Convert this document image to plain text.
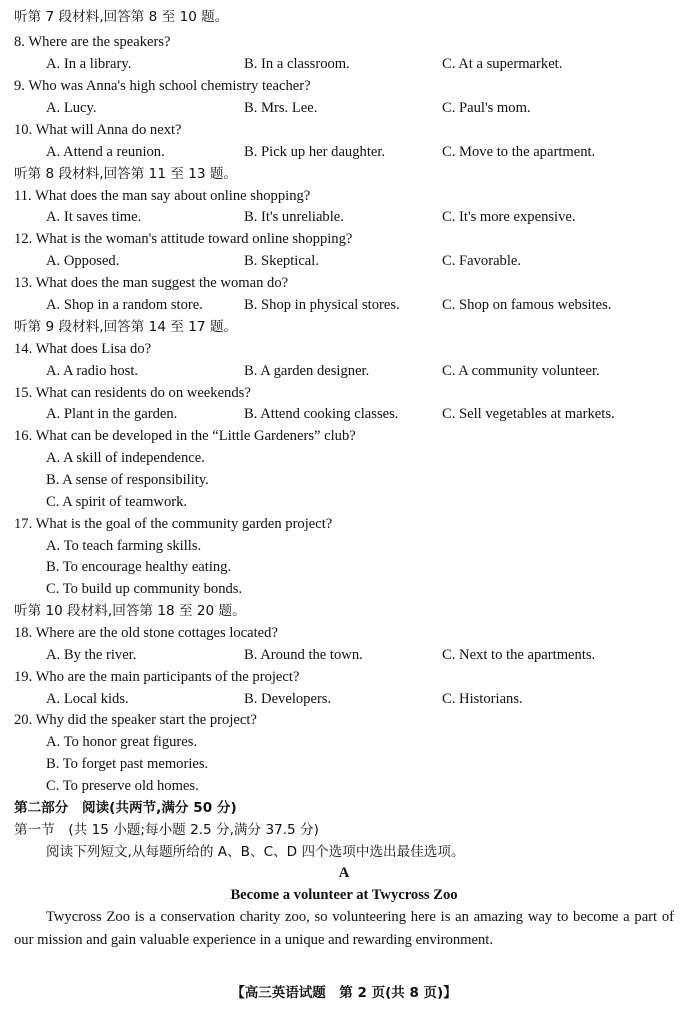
听第 7 段材料,回答第 8 至 10 题。
8. Where are the speakers?
A. In a library.	B. In a classroom.	C. At a supermarket.
9. Who was Anna's high school chemistry teacher?
A. Lucy.	B. Mrs. Lee.	C. Paul's mom.
10. What will Anna do next?
A. Attend a reunion.	B. Pick up her daughter.	C. Move to the apartment.
听第 8 段材料,回答第 11 至 13 题。
11. What does the man say about online shopping?
A. It saves time.	B. It's unreliable.	C. It's more expensive.
12. What is the woman's attitude toward online shopping?
A. Opposed.	B. Skeptical.	C. Favorable.
13. What does the man suggest the woman do?
A. Shop in a random store.	B. Shop in physical stores.	C. Shop on famous websites.
听第 9 段材料,回答第 14 至 17 题。
14. What does Lisa do?
A. A radio host.	B. A garden designer.	C. A community volunteer.
15. What can residents do on weekends?
A. Plant in the garden.	B. Attend cooking classes.	C. Sell vegetables at markets.
16. What can be developed in the “Little Gardeners” club?
A. A skill of independence.
B. A sense of responsibility.
C. A spirit of teamwork.
17. What is the goal of the community garden project?
A. To teach farming skills.
B. To encourage healthy eating.
C. To build up community bonds.
听第 10 段材料,回答第 18 至 20 题。
18. Where are the old stone cottages located?
A. By the river.	B. Around the town.	C. Next to the apartments.
19. Who are the main participants of the project?
A. Local kids.	B. Developers.	C. Historians.
20. Why did the speaker start the project?
A. To honor great figures.
B. To forget past memories.
C. To preserve old homes.
第二部分　阅读(共两节,满分 50 分)
第一节　(共 15 小题;每小题 2.5 分,满分 37.5 分)
阅读下列短文,从每题所给的 A、B、C、D 四个选项中选出最佳选项。
A
Become a volunteer at Twycross Zoo
Twycross Zoo is a conservation charity zoo, so volunteering here is an amazing way to become a part of our mission and gain valuable experience in a unique and rewarding environment.
【高三英语试题　第 2 页(共 8 页)】
